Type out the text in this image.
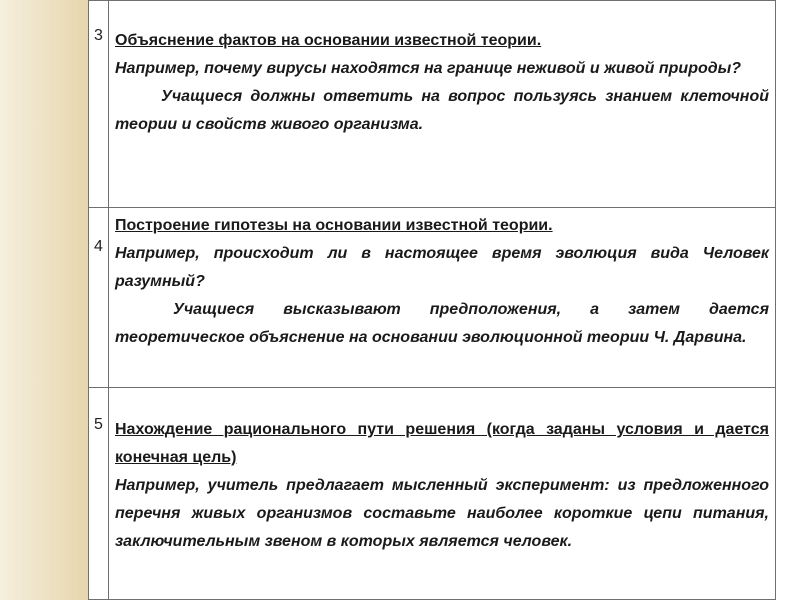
3	Объяснение фактов на основании известной теории.
Например, почему вирусы находятся на границе неживой и живой природы?
Учащиеся должны ответить на вопрос пользуясь знанием клеточной теории и свойств живого организма.

4	Построение гипотезы на основании известной теории.
Например, происходит ли в настоящее время эволюция вида Человек разумный?
Учащиеся высказывают предположения, а затем дается теоретическое объяснение на основании эволюционной теории Ч. Дарвина.

5	Нахождение рационального пути решения (когда заданы условия и дается конечная цель)
Например, учитель предлагает мысленный эксперимент: из предложенного перечня живых организмов составьте наиболее короткие цепи питания, заключительным звеном в которых является человек.
